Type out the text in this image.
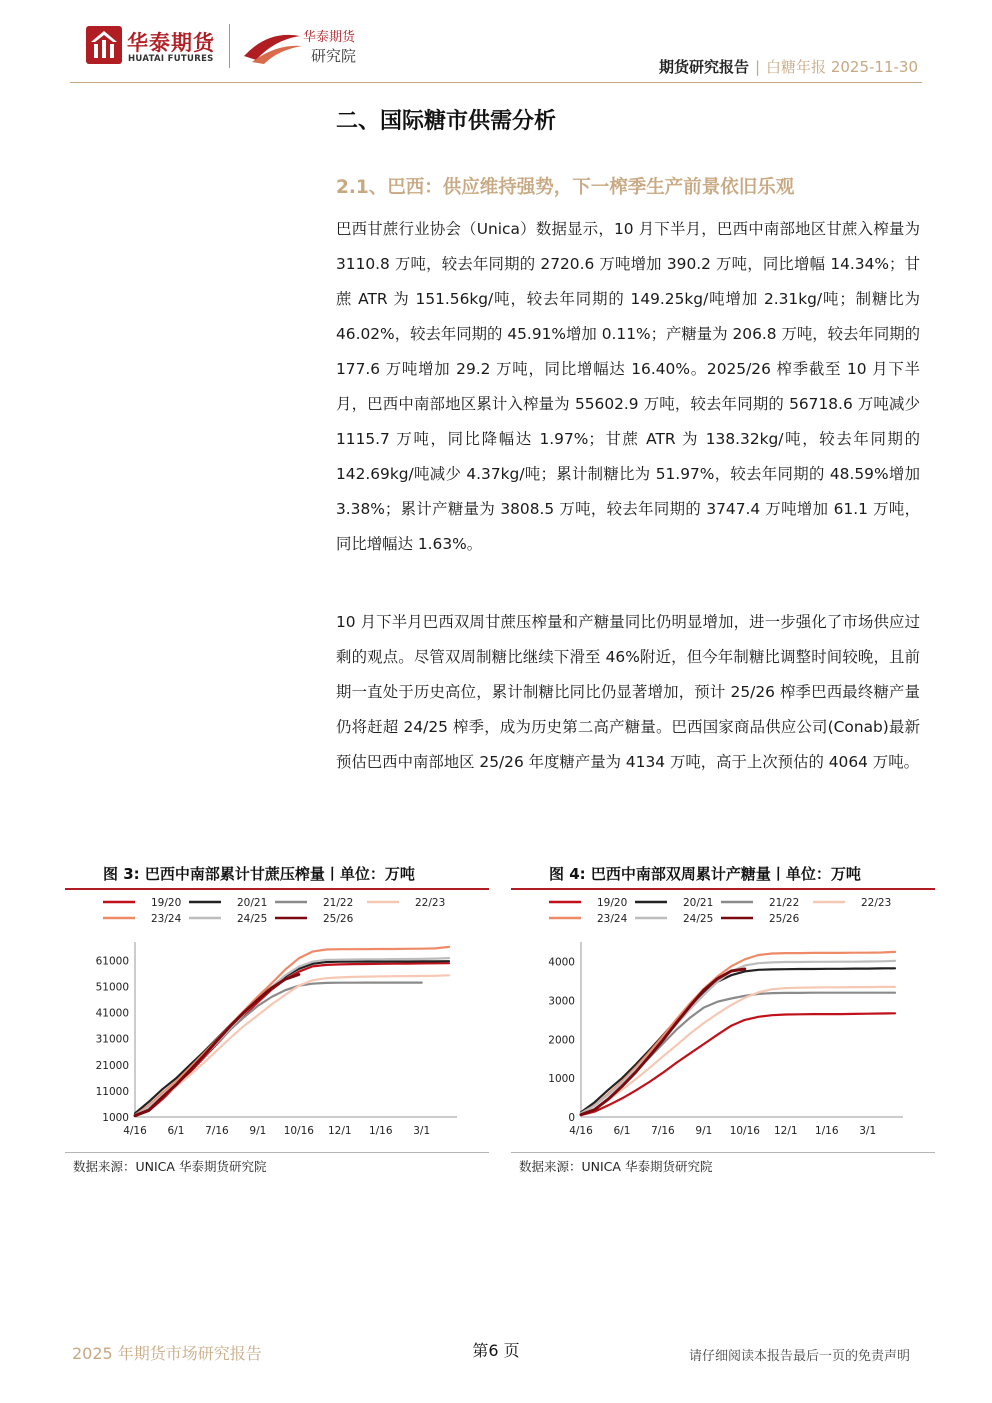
华泰期货
HUATAI FUTURES
华泰期货
研究院
期货研究报告 | 白糖年报 2025-11-30
二、国际糖市供需分析
2.1、巴西：供应维持强势，下一榨季生产前景依旧乐观

巴西甘蔗行业协会（Unica）数据显示，10 月下半月，巴西中南部地区甘蔗入榨量为 3110.8 万吨，较去年同期的 2720.6 万吨增加 390.2 万吨，同比增幅 14.34%；甘蔗 ATR 为 151.56kg/吨，较去年同期的 149.25kg/吨增加 2.31kg/吨；制糖比为 46.02%，较去年同期的 45.91%增加 0.11%；产糖量为 206.8 万吨，较去年同期的 177.6 万吨增加 29.2 万吨，同比增幅达 16.40%。2025/26 榨季截至 10 月下半月，巴西中南部地区累计入榨量为 55602.9 万吨，较去年同期的 56718.6 万吨减少 1115.7 万吨，同比降幅达 1.97%；甘蔗 ATR 为 138.32kg/吨，较去年同期的 142.69kg/吨减少 4.37kg/吨；累计制糖比为 51.97%，较去年同期的 48.59%增加 3.38%；累计产糖量为 3808.5 万吨，较去年同期的 3747.4 万吨增加 61.1 万吨，同比增幅达 1.63%。

10 月下半月巴西双周甘蔗压榨量和产糖量同比仍明显增加，进一步强化了市场供应过剩的观点。尽管双周制糖比继续下滑至 46%附近，但今年制糖比调整时间较晚，且前期一直处于历史高位，累计制糖比同比仍显著增加，预计 25/26 榨季巴西最终糖产量仍将赶超 24/25 榨季，成为历史第二高产糖量。巴西国家商品供应公司(Conab)最新预估巴西中南部地区 25/26 年度糖产量为 4134 万吨，高于上次预估的 4064 万吨。

图 3: 巴西中南部累计甘蔗压榨量丨单位：万吨
19/20	20/21	21/22	22/23
23/24	24/25	25/26
1000
11000
21000
31000
41000
51000
61000
4/16 6/1 7/16 9/1 10/16 12/1 1/16 3/1
数据来源：UNICA 华泰期货研究院
图 4: 巴西中南部双周累计产糖量丨单位：万吨
19/20	20/21	21/22	22/23
23/24	24/25	25/26
0
1000
2000
3000
4000
4/16 6/1 7/16 9/1 10/16 12/1 1/16 3/1
数据来源：UNICA 华泰期货研究院
2025 年期货市场研究报告	第6 页	请仔细阅读本报告最后一页的免责声明
